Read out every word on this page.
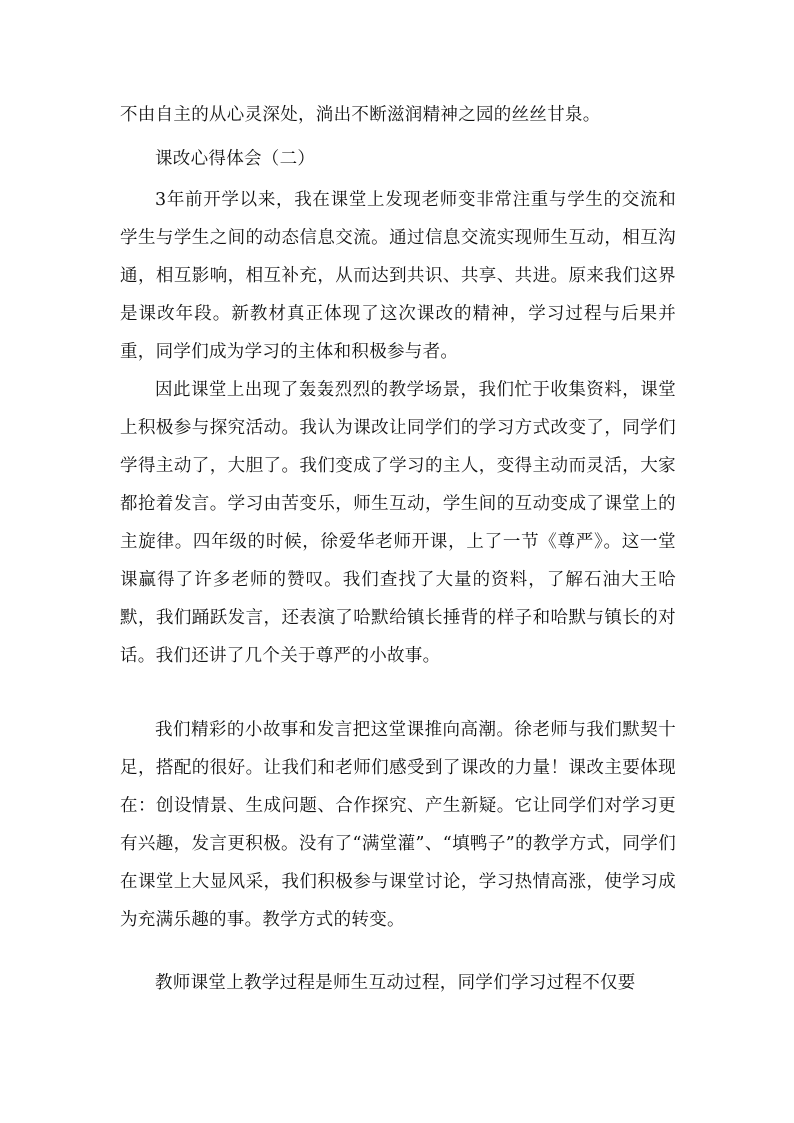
不由自主的从心灵深处，淌出不断滋润精神之园的丝丝甘泉。

课改心得体会（二）

3年前开学以来，我在课堂上发现老师变非常注重与学生的交流和学生与学生之间的动态信息交流。通过信息交流实现师生互动，相互沟通，相互影响，相互补充，从而达到共识、共享、共进。原来我们这界是课改年段。新教材真正体现了这次课改的精神，学习过程与后果并重，同学们成为学习的主体和积极参与者。

因此课堂上出现了轰轰烈烈的教学场景，我们忙于收集资料，课堂上积极参与探究活动。我认为课改让同学们的学习方式改变了，同学们学得主动了，大胆了。我们变成了学习的主人，变得主动而灵活，大家都抢着发言。学习由苦变乐，师生互动，学生间的互动变成了课堂上的主旋律。四年级的时候，徐爱华老师开课，上了一节《尊严》。这一堂课赢得了许多老师的赞叹。我们查找了大量的资料，了解石油大王哈默，我们踊跃发言，还表演了哈默给镇长捶背的样子和哈默与镇长的对话。我们还讲了几个关于尊严的小故事。

我们精彩的小故事和发言把这堂课推向高潮。徐老师与我们默契十足，搭配的很好。让我们和老师们感受到了课改的力量！课改主要体现在：创设情景、生成问题、合作探究、产生新疑。它让同学们对学习更有兴趣，发言更积极。没有了“满堂灌”、“填鸭子”的教学方式，同学们在课堂上大显风采，我们积极参与课堂讨论，学习热情高涨，使学习成为充满乐趣的事。教学方式的转变。

教师课堂上教学过程是师生互动过程，同学们学习过程不仅要
